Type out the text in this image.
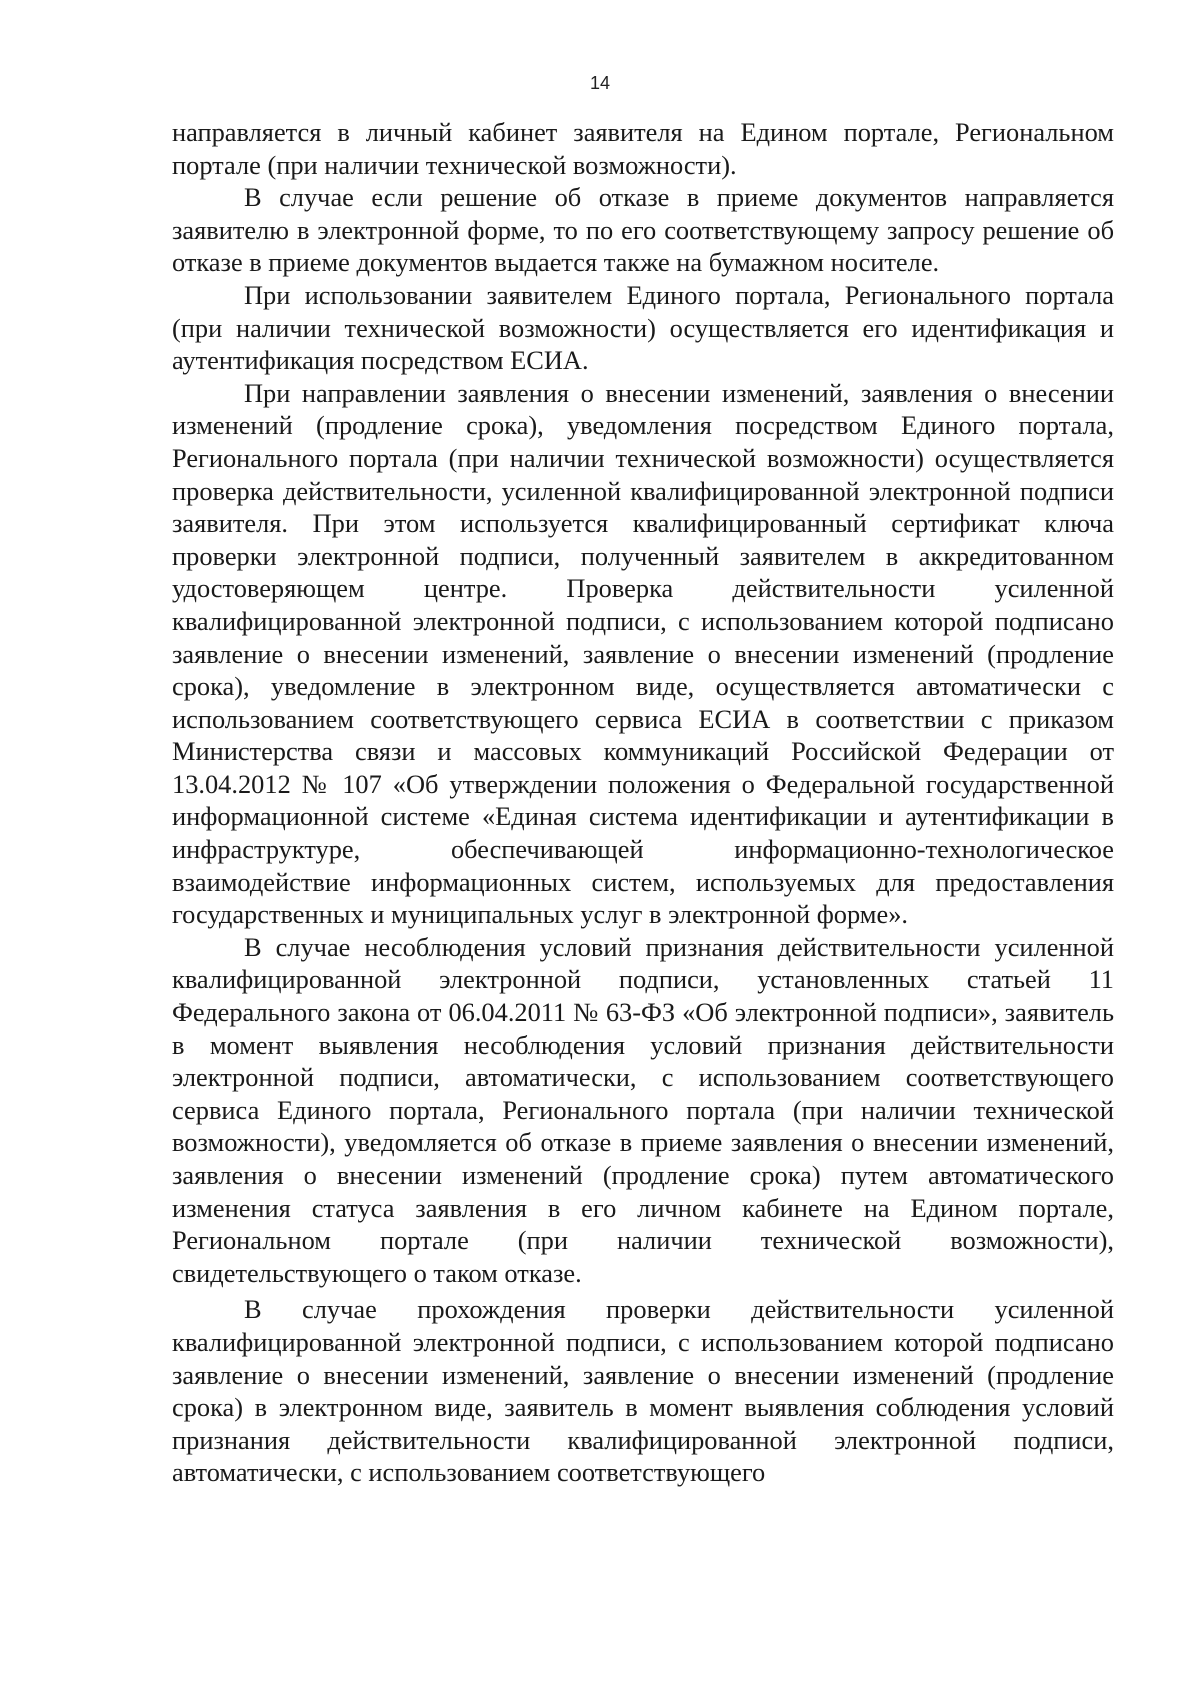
14

направляется в личный кабинет заявителя на Едином портале, Региональном портале (при наличии технической возможности).

В случае если решение об отказе в приеме документов направляется заявителю в электронной форме, то по его соответствующему запросу решение об отказе в приеме документов выдается также на бумажном носителе.

При использовании заявителем Единого портала, Регионального портала (при наличии технической возможности) осуществляется его идентификация и аутентификация посредством ЕСИА.

При направлении заявления о внесении изменений, заявления о внесении изменений (продление срока), уведомления посредством Единого портала, Регионального портала (при наличии технической возможности) осуществляется проверка действительности, усиленной квалифицированной электронной подписи заявителя. При этом используется квалифицированный сертификат ключа проверки электронной подписи, полученный заявителем в аккредитованном удостоверяющем центре. Проверка действительности усиленной квалифицированной электронной подписи, с использованием которой подписано заявление о внесении изменений, заявление о внесении изменений (продление срока), уведомление в электронном виде, осуществляется автоматически с использованием соответствующего сервиса ЕСИА в соответствии с приказом Министерства связи и массовых коммуникаций Российской Федерации от 13.04.2012 № 107 «Об утверждении положения о Федеральной государственной информационной системе «Единая система идентификации и аутентификации в инфраструктуре, обеспечивающей информационно-технологическое взаимодействие информационных систем, используемых для предоставления государственных и муниципальных услуг в электронной форме».

В случае несоблюдения условий признания действительности усиленной квалифицированной электронной подписи, установленных статьей 11 Федерального закона от 06.04.2011 № 63-ФЗ «Об электронной подписи», заявитель в момент выявления несоблюдения условий признания действительности электронной подписи, автоматически, с использованием соответствующего сервиса Единого портала, Регионального портала (при наличии технической возможности), уведомляется об отказе в приеме заявления о внесении изменений, заявления о внесении изменений (продление срока) путем автоматического изменения статуса заявления в его личном кабинете на Едином портале, Региональном портале (при наличии технической возможности), свидетельствующего о таком отказе.

В случае прохождения проверки действительности усиленной квалифицированной электронной подписи, с использованием которой подписано заявление о внесении изменений, заявление о внесении изменений (продление срока) в электронном виде, заявитель в момент выявления соблюдения условий признания действительности квалифицированной электронной подписи, автоматически, с использованием соответствующего
